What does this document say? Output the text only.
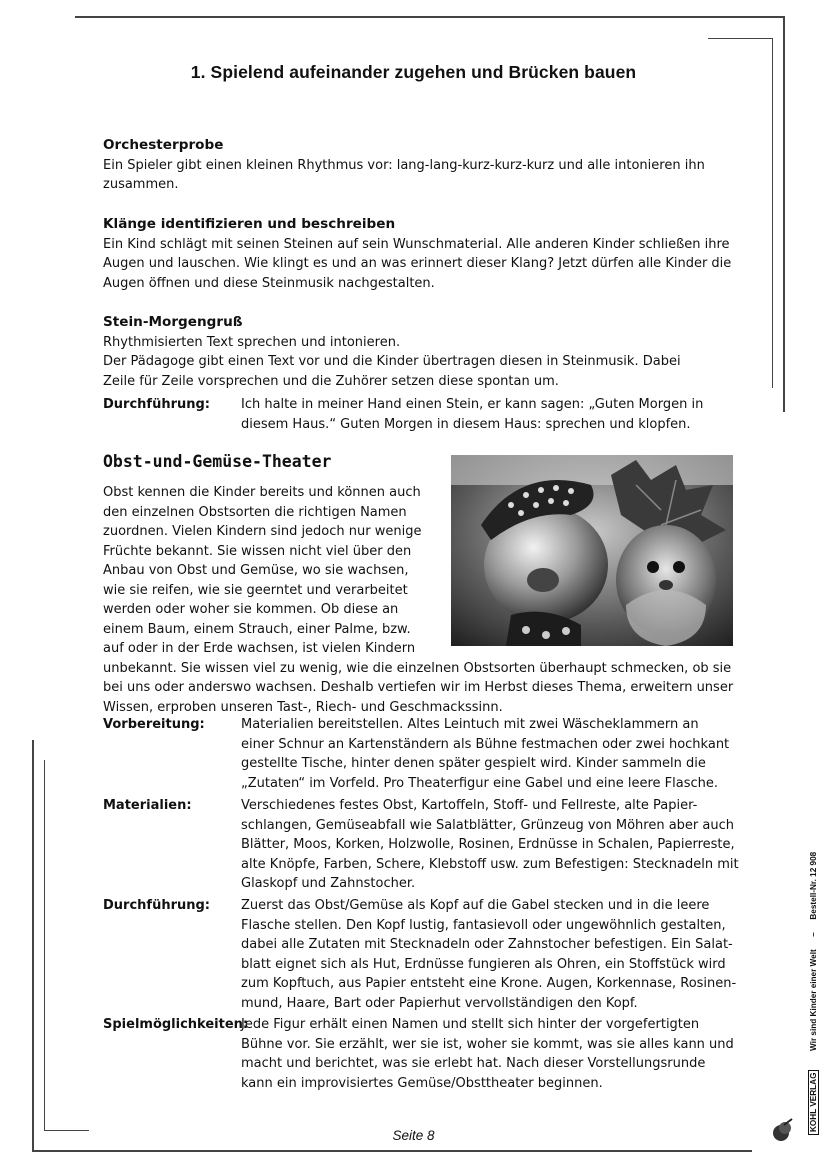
1. Spielend aufeinander zugehen und Brücken bauen

Orchesterprobe

Ein Spieler gibt einen kleinen Rhythmus vor: lang-lang-kurz-kurz-kurz und alle intonieren ihn

zusammen.

Klänge identifizieren und beschreiben

Ein Kind schlägt mit seinen Steinen auf sein Wunschmaterial. Alle anderen Kinder schließen ihre

Augen und lauschen. Wie klingt es und an was erinnert dieser Klang? Jetzt dürfen alle Kinder die

Augen öffnen und diese Steinmusik nachgestalten.

Stein-Morgengruß

Rhythmisierten Text sprechen und intonieren.

Der Pädagoge gibt einen Text vor und die Kinder übertragen diesen in Steinmusik. Dabei

Zeile für Zeile vorsprechen und die Zuhörer setzen diese spontan um.

Durchführung: Ich halte in meiner Hand einen Stein, er kann sagen: „Guten Morgen in
diesem Haus.“ Guten Morgen in diesem Haus: sprechen und klopfen.
Obst-und-Gemüse-Theater

Obst kennen die Kinder bereits und können auch

den einzelnen Obstsorten die richtigen Namen

zuordnen. Vielen Kindern sind jedoch nur wenige

Früchte bekannt. Sie wissen nicht viel über den

Anbau von Obst und Gemüse, wo sie wachsen,

wie sie reifen, wie sie geerntet und verarbeitet

werden oder woher sie kommen. Ob diese an

einem Baum, einem Strauch, einer Palme, bzw.

auf oder in der Erde wachsen, ist vielen Kindern

unbekannt. Sie wissen viel zu wenig, wie die einzelnen Obstsorten überhaupt schmecken, ob sie

bei uns oder anderswo wachsen. Deshalb vertiefen wir im Herbst dieses Thema, erweitern unser

Wissen, erproben unseren Tast-, Riech- und Geschmackssinn.

Vorbereitung:	Materialien bereitstellen. Altes Leintuch mit zwei Wäscheklammern an
einer Schnur an Kartenständern als Bühne festmachen oder zwei hochkant
gestellte Tische, hinter denen später gespielt wird. Kinder sammeln die
„Zutaten“ im Vorfeld. Pro Theaterfigur eine Gabel und eine leere Flasche.
Materialien:	Verschiedenes festes Obst, Kartoffeln, Stoff- und Fellreste, alte Papier-
schlangen, Gemüseabfall wie Salatblätter, Grünzeug von Möhren aber auch
Blätter, Moos, Korken, Holzwolle, Rosinen, Erdnüsse in Schalen, Papierreste,
alte Knöpfe, Farben, Schere, Klebstoff usw. zum Befestigen: Stecknadeln mit
Glaskopf und Zahnstocher.
Durchführung: Zuerst das Obst/Gemüse als Kopf auf die Gabel stecken und in die leere
Flasche stellen. Den Kopf lustig, fantasievoll oder ungewöhnlich gestalten,
dabei alle Zutaten mit Stecknadeln oder Zahnstocher befestigen. Ein Salat-
blatt eignet sich als Hut, Erdnüsse fungieren als Ohren, ein Stoffstück wird
zum Kopftuch, aus Papier entsteht eine Krone. Augen, Korkennase, Rosinen-
mund, Haare, Bart oder Papierhut vervollständigen den Kopf.
Spielmöglichkeiten:
Jede Figur erhält einen Namen und stellt sich hinter der vorgefertigten
Bühne vor. Sie erzählt, wer sie ist, woher sie kommt, was sie alles kann und
macht und berichtet, was sie erlebt hat. Nach dieser Vorstellungsrunde
kann ein improvisiertes Gemüse/Obsttheater beginnen.
Seite 8
KOHL VERLAG  Wir sind Kinder einer Welt  –  Bestell-Nr. 12 908
